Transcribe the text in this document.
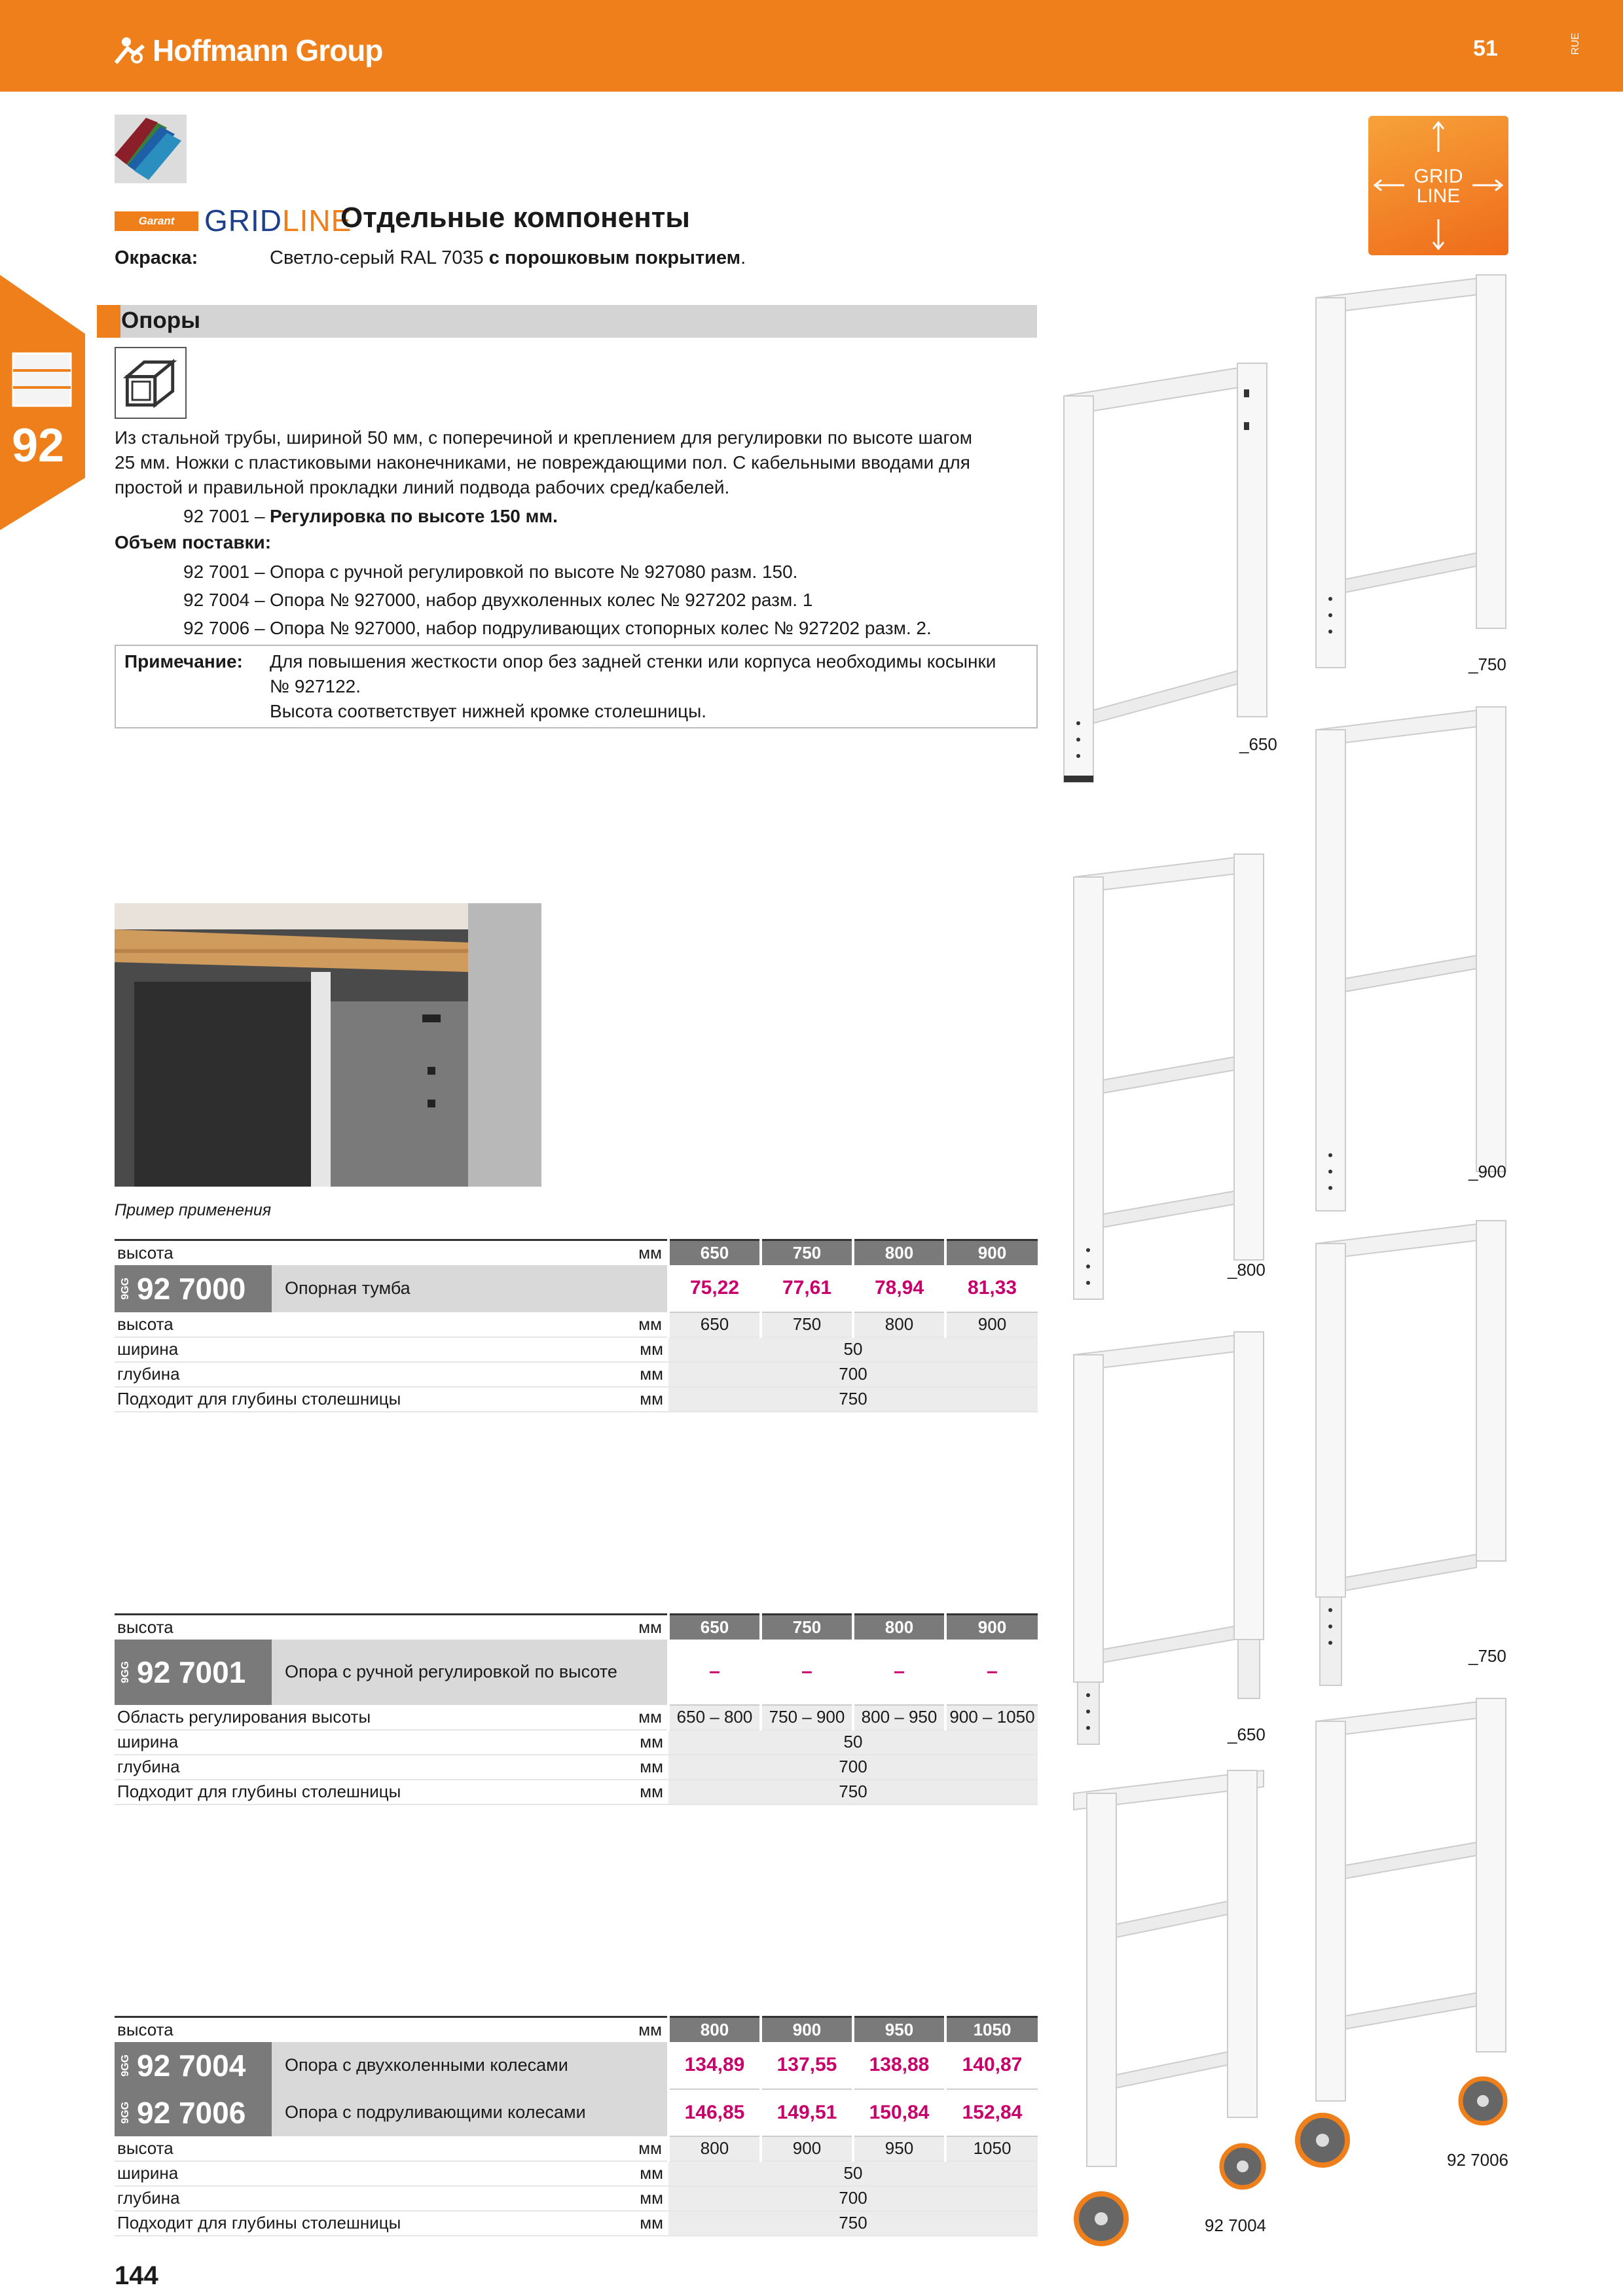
Hoffmann Group	51	RUE
92
GRID
LINE
Garant GRIDLINE
Отдельные компоненты
Окраска:	Светло-серый RAL 7035 с порошковым покрытием.
Опоры
Из стальной трубы, шириной 50 мм, с поперечиной и креплением для регулировки по высоте шагом
25 мм. Ножки с пластиковыми наконечниками, не повреждающими пол. С кабельными вводами для
простой и правильной прокладки линий подвода рабочих сред/кабелей.
92 7001 – Регулировка по высоте 150 мм.
Объем поставки:
92 7001 – Опора с ручной регулировкой по высоте № 927080 разм. 150.
92 7004 – Опора № 927000, набор двухколенных колес № 927202 разм. 1
92 7006 – Опора № 927000, набор подруливающих стопорных колес № 927202 разм. 2.
Примечание: Для повышения жесткости опор без задней стенки или корпуса необходимы косынки
№ 927122.
Высота соответствует нижней кромке столешницы.
Пример применения
высота	мм	650	750	800	900

9GG 92 7000 Опорная тумба		75,22	77,61	78,94	81,33
высота	мм	650	750	800	900
ширина	мм	50			
глубина	мм	700			
Подходит для глубины столешницы	мм	750			
высота	мм	650	750	800	900

9GG 92 7001 Опора с ручной регулировкой по высоте		–	–	–	–
Область регулирования высоты	мм	650 – 800	750 – 900	800 – 950	900 – 1050
ширина	мм	50			
глубина	мм	700			
Подходит для глубины столешницы	мм	750			
высота	мм	800	900	950	1050

9GG 92 7004 Опора с двухколенными колесами		134,89	137,55	138,88	140,87

9GG 92 7006 Опора с подруливающими колесами		146,85	149,51	150,84	152,84
высота	мм	800	900	950	1050
ширина	мм	50			
глубина	мм	700			
Подходит для глубины столешницы	мм	750			
_650
_750
_800
_900
_650
_750
92 7004
92 7006
144
